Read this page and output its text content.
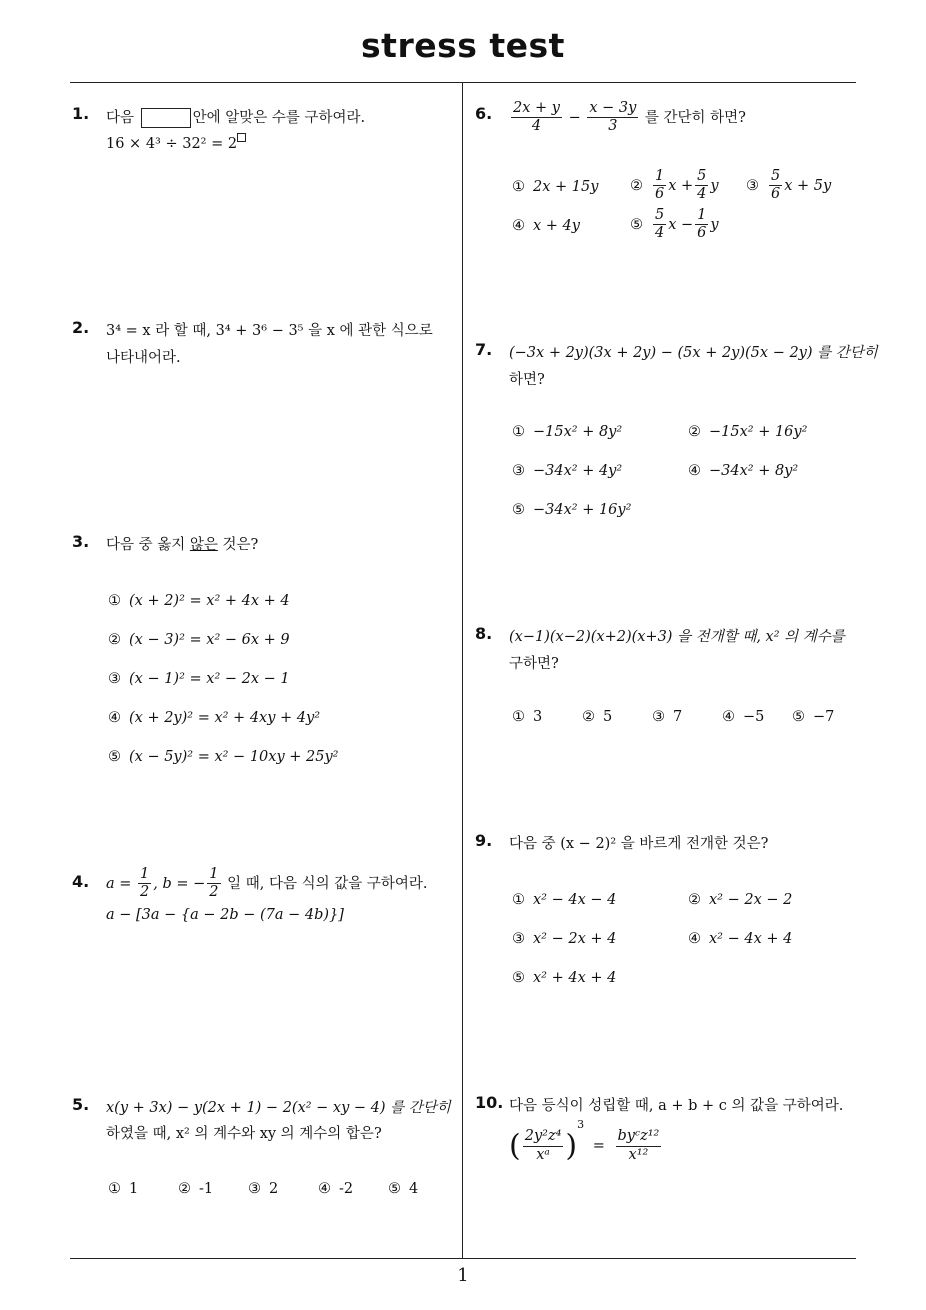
stress test
1
1. 다음	안에 알맞은 수를 구하여라.
16 × 4³ ÷ 32² = 2
2. 3⁴ = x 라 할 때, 3⁴ + 3⁶ − 3⁵ 을 x 에 관한 식으로
나타내어라.
3. 다음 중 옳지 않은 것은?
① (x + 2)² = x² + 4x + 4
② (x − 3)² = x² − 6x + 9
③ (x − 1)² = x² − 2x − 1
④ (x + 2y)² = x² + 4xy + 4y²
⑤ (x − 5y)² = x² − 10xy + 25y²
4. $a = \frac{1}{2}$ , b = − $\frac{1}{2}$ 일 때, 다음 식의 값을 구하여라.
a − [3a − {a − 2b − (7a − 4b)}]
5. x(y + 3x) − y(2x + 1) − 2(x² − xy − 4) 를 간단히
하였을 때, x² 의 계수와 xy 의 계수의 합은?
① 1	② -1 ③ 2	④ -2 ⑤ 4
6. $\frac{2x + y}{4} - \frac{x - 3y}{3}$ 를 간단히 하면?
① 2x + 15y ② $\frac{1}{6}$ $x + \frac{5}{4}$ y ③ $\frac{5}{6}$ x + 5y
④ x + 4y	⑤ $\frac{5}{4}$ $x - \frac{1}{6}$ y
7. (−3x + 2y)(3x + 2y) − (5x + 2y)(5x − 2y) 를 간단히
하면?
① −15x² + 8y²	② −15x² + 16y²
③ −34x² + 4y²	④ −34x² + 8y²
⑤ −34x² + 16y²
8. (x−1)(x−2)(x+2)(x+3) 을 전개할 때, x² 의 계수를
구하면?
① 3	② 5	③ 7	④ −5 ⑤ −7
9. 다음 중 (x − 2)² 을 바르게 전개한 것은?
① x² − 4x − 4	② x² − 2x − 2
③ x² − 2x + 4	④ x² − 4x + 4
⑤ x² + 4x + 4
10. 다음 등식이 성립할 때, a + b + c 의 값을 구하여라.
( $\frac{\text{2y²z⁴}}{\text{xᵃ}} )^3 = \frac{\text{byᶜz¹²}}{\text{x¹²}}$
